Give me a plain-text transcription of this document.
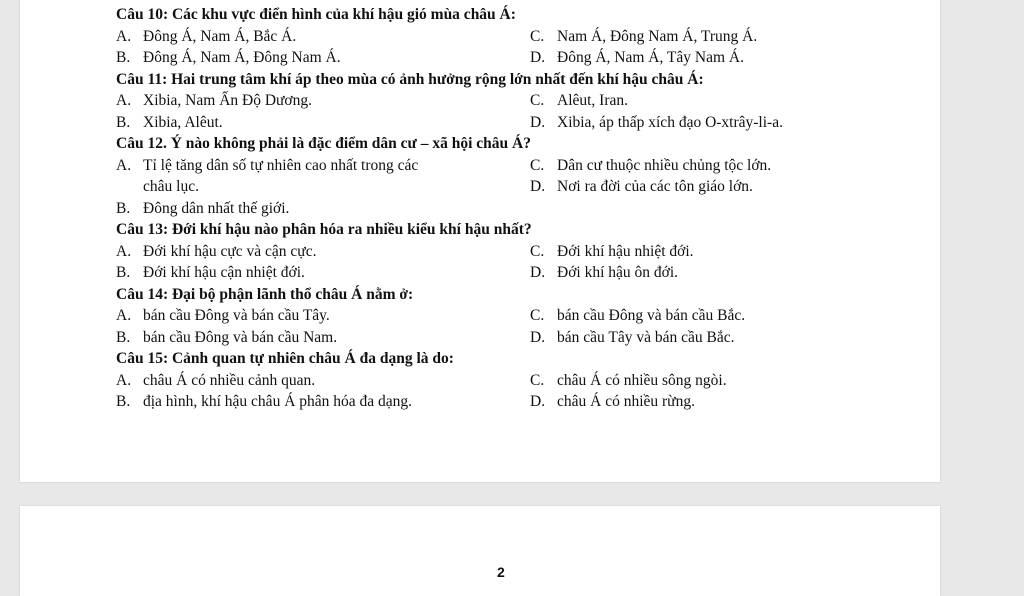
Câu 10: Các khu vực điển hình của khí hậu gió mùa châu Á:
A. Đông Á, Nam Á, Bắc Á.	C. Nam Á, Đông Nam Á, Trung Á.
B. Đông Á, Nam Á, Đông Nam Á.	D. Đông Á, Nam Á, Tây Nam Á.
Câu 11: Hai trung tâm khí áp theo mùa có ảnh hưởng rộng lớn nhất đến khí hậu châu Á:
A. Xibia, Nam Ấn Độ Dương.	C. Alêut, Iran.
B. Xibia, Alêut.	D. Xibia, áp thấp xích đạo O-xtrây-li-a.
Câu 12. Ý nào không phải là đặc điểm dân cư – xã hội châu Á?
A. Tỉ lệ tăng dân số tự nhiên cao nhất trong các
châu lục.
C. Dân cư thuộc nhiều chủng tộc lớn.
D. Nơi ra đời của các tôn giáo lớn.
B. Đông dân nhất thế giới.
Câu 13: Đới khí hậu nào phân hóa ra nhiều kiểu khí hậu nhất?
A. Đới khí hậu cực và cận cực.	C. Đới khí hậu nhiệt đới.
B. Đới khí hậu cận nhiệt đới.	D. Đới khí hậu ôn đới.
Câu 14: Đại bộ phận lãnh thổ châu Á nằm ở:
A. bán cầu Đông và bán cầu Tây.	C. bán cầu Đông và bán cầu Bắc.
B. bán cầu Đông và bán cầu Nam.	D. bán cầu Tây và bán cầu Bắc.
Câu 15: Cảnh quan tự nhiên châu Á đa dạng là do:
A. châu Á có nhiều cảnh quan.	C. châu Á có nhiều sông ngòi.
B. địa hình, khí hậu châu Á phân hóa đa dạng.	D. châu Á có nhiều rừng.
2
